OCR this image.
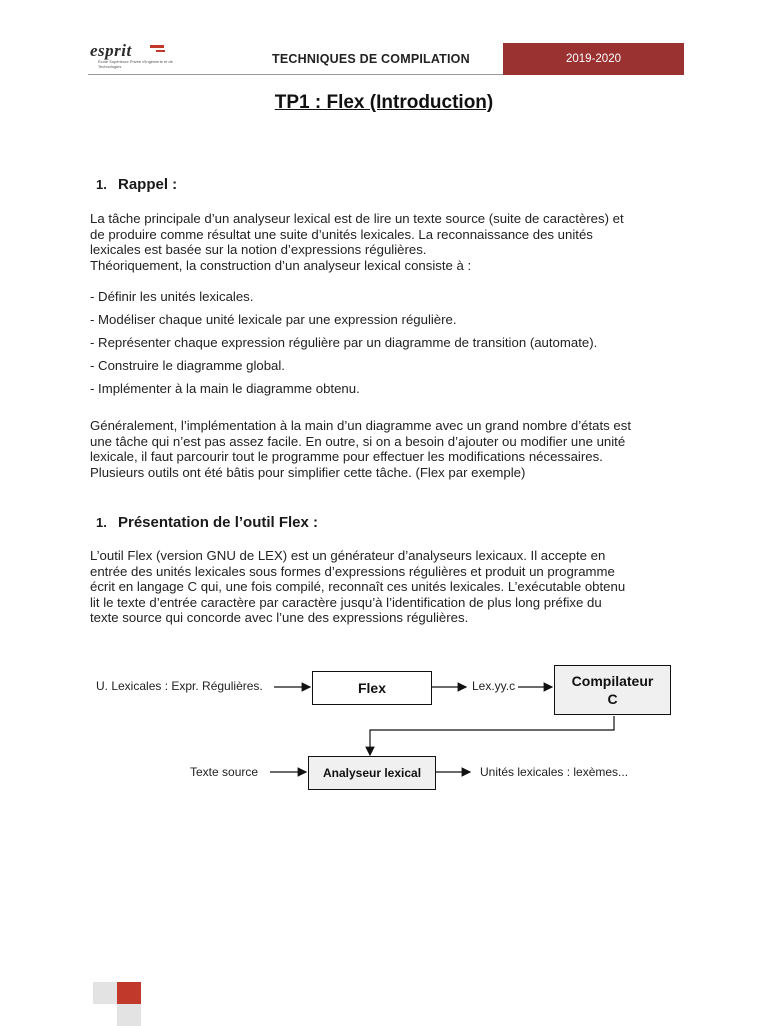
esprit
École Supérieure Privée d'Ingénierie et de Technologies
TECHNIQUES DE COMPILATION	2019-2020
TP1 : Flex (Introduction)
1. Rappel :
La tâche principale d’un analyseur lexical est de lire un texte source (suite de caractères) et
de produire comme résultat une suite d’unités lexicales. La reconnaissance des unités
lexicales est basée sur la notion d’expressions régulières.
Théoriquement, la construction d’un analyseur lexical consiste à :
- Définir les unités lexicales.
- Modéliser chaque unité lexicale par une expression régulière.
- Représenter chaque expression régulière par un diagramme de transition (automate).
- Construire le diagramme global.
- Implémenter à la main le diagramme obtenu.
Généralement, l’implémentation à la main d’un diagramme avec un grand nombre d’états est
une tâche qui n’est pas assez facile. En outre, si on a besoin d’ajouter ou modifier une unité
lexicale, il faut parcourir tout le programme pour effectuer les modifications nécessaires.
Plusieurs outils ont été bâtis pour simplifier cette tâche. (Flex par exemple)
1. Présentation de l’outil Flex :
L’outil Flex (version GNU de LEX) est un générateur d’analyseurs lexicaux. Il accepte en
entrée des unités lexicales sous formes d’expressions régulières et produit un programme
écrit en langage C qui, une fois compilé, reconnaît ces unités lexicales. L’exécutable obtenu
lit le texte d’entrée caractère par caractère jusqu’à l’identification de plus long préfixe du
texte source qui concorde avec l’une des expressions régulières.
U. Lexicales : Expr. Régulières.	Flex	Lex.yy.c	Compilateur
C
Texte source	Analyseur lexical	Unités lexicales : lexèmes...
